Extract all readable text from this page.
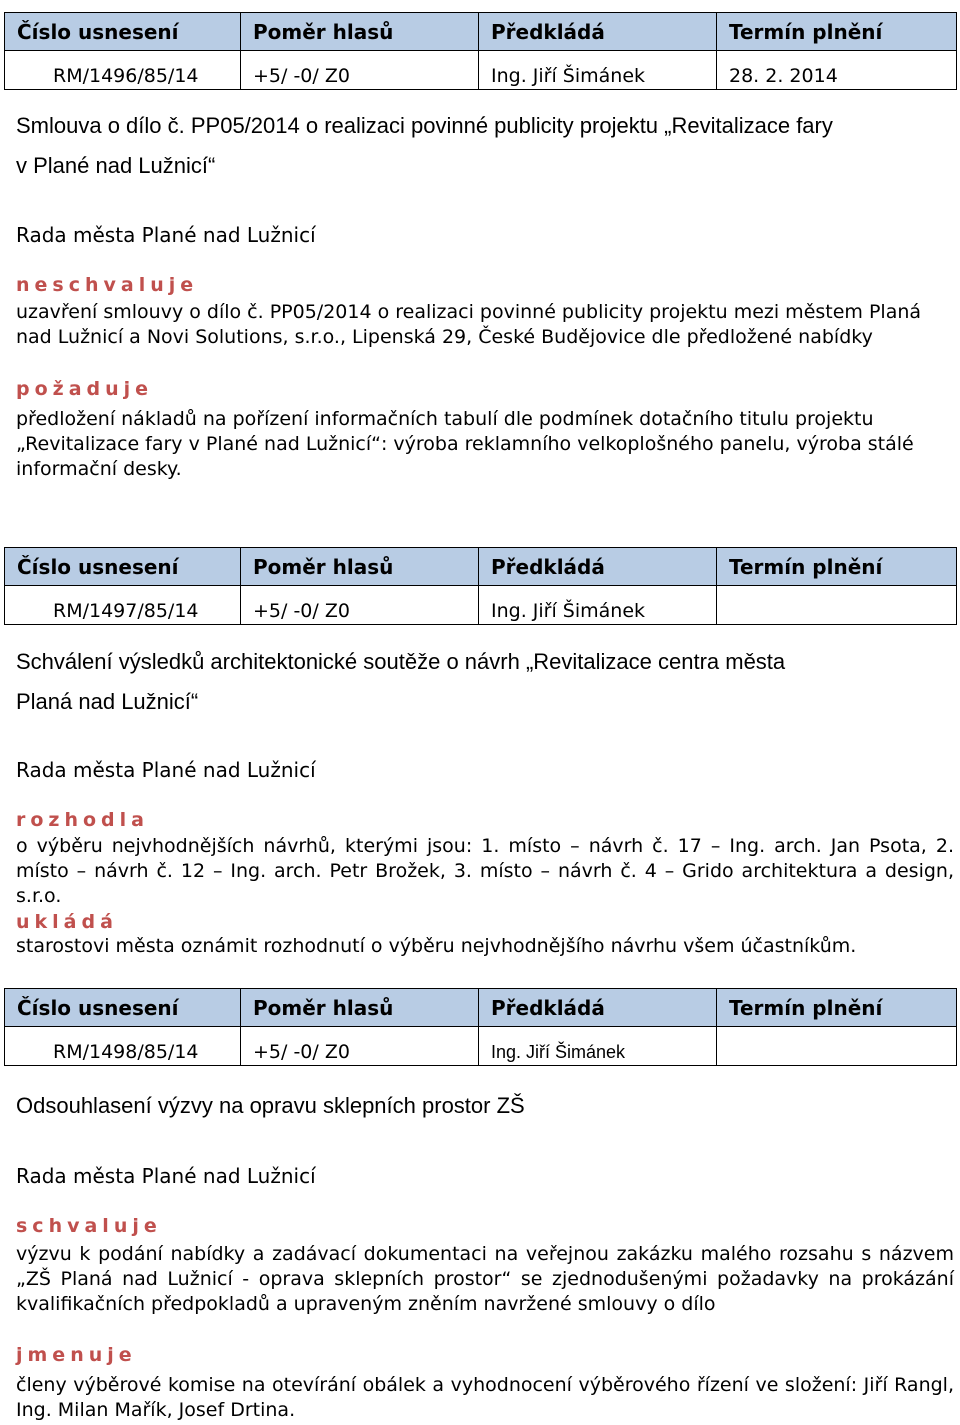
Číslo usnesení	Poměr hlasů	Předkládá	Termín plnění
RM/1496/85/14	+5/ -0/ Z0	Ing. Jiří Šimánek	28. 2. 2014
Smlouva o dílo č. PP05/2014 o realizaci povinné publicity projektu „Revitalizace fary
v Plané nad Lužnicí“
Rada města Plané nad Lužnicí
neschvaluje
uzavření smlouvy o dílo č. PP05/2014 o realizaci povinné publicity projektu mezi městem Planá nad Lužnicí a Novi Solutions, s.r.o., Lipenská 29, České Budějovice dle předložené nabídky
požaduje
předložení nákladů na pořízení informačních tabulí dle podmínek dotačního titulu projektu „Revitalizace fary v Plané nad Lužnicí“: výroba reklamního velkoplošného panelu, výroba stálé informační desky.
Číslo usnesení	Poměr hlasů	Předkládá	Termín plnění
RM/1497/85/14	+5/ -0/ Z0	Ing. Jiří Šimánek	
Schválení výsledků architektonické soutěže o návrh „Revitalizace centra města
Planá nad Lužnicí“
Rada města Plané nad Lužnicí
rozhodla
o výběru nejvhodnějších návrhů, kterými jsou: 1. místo – návrh č. 17 – Ing. arch. Jan Psota, 2. místo – návrh č. 12 – Ing. arch. Petr Brožek, 3. místo – návrh č. 4 – Grido architektura a design, s.r.o.
ukládá
starostovi města oznámit rozhodnutí o výběru nejvhodnějšího návrhu všem účastníkům.
Číslo usnesení	Poměr hlasů	Předkládá	Termín plnění
RM/1498/85/14	+5/ -0/ Z0	Ing. Jiří Šimánek	
Odsouhlasení výzvy na opravu sklepních prostor ZŠ
Rada města Plané nad Lužnicí
schvaluje
výzvu k podání nabídky a zadávací dokumentaci na veřejnou zakázku malého rozsahu s názvem „ZŠ Planá nad Lužnicí - oprava sklepních prostor“ se zjednodušenými požadavky na prokázání kvalifikačních předpokladů a upraveným zněním navržené smlouvy o dílo
jmenuje
členy výběrové komise na otevírání obálek a vyhodnocení výběrového řízení ve složení: Jiří Rangl, Ing. Milan Mařík, Josef Drtina.
